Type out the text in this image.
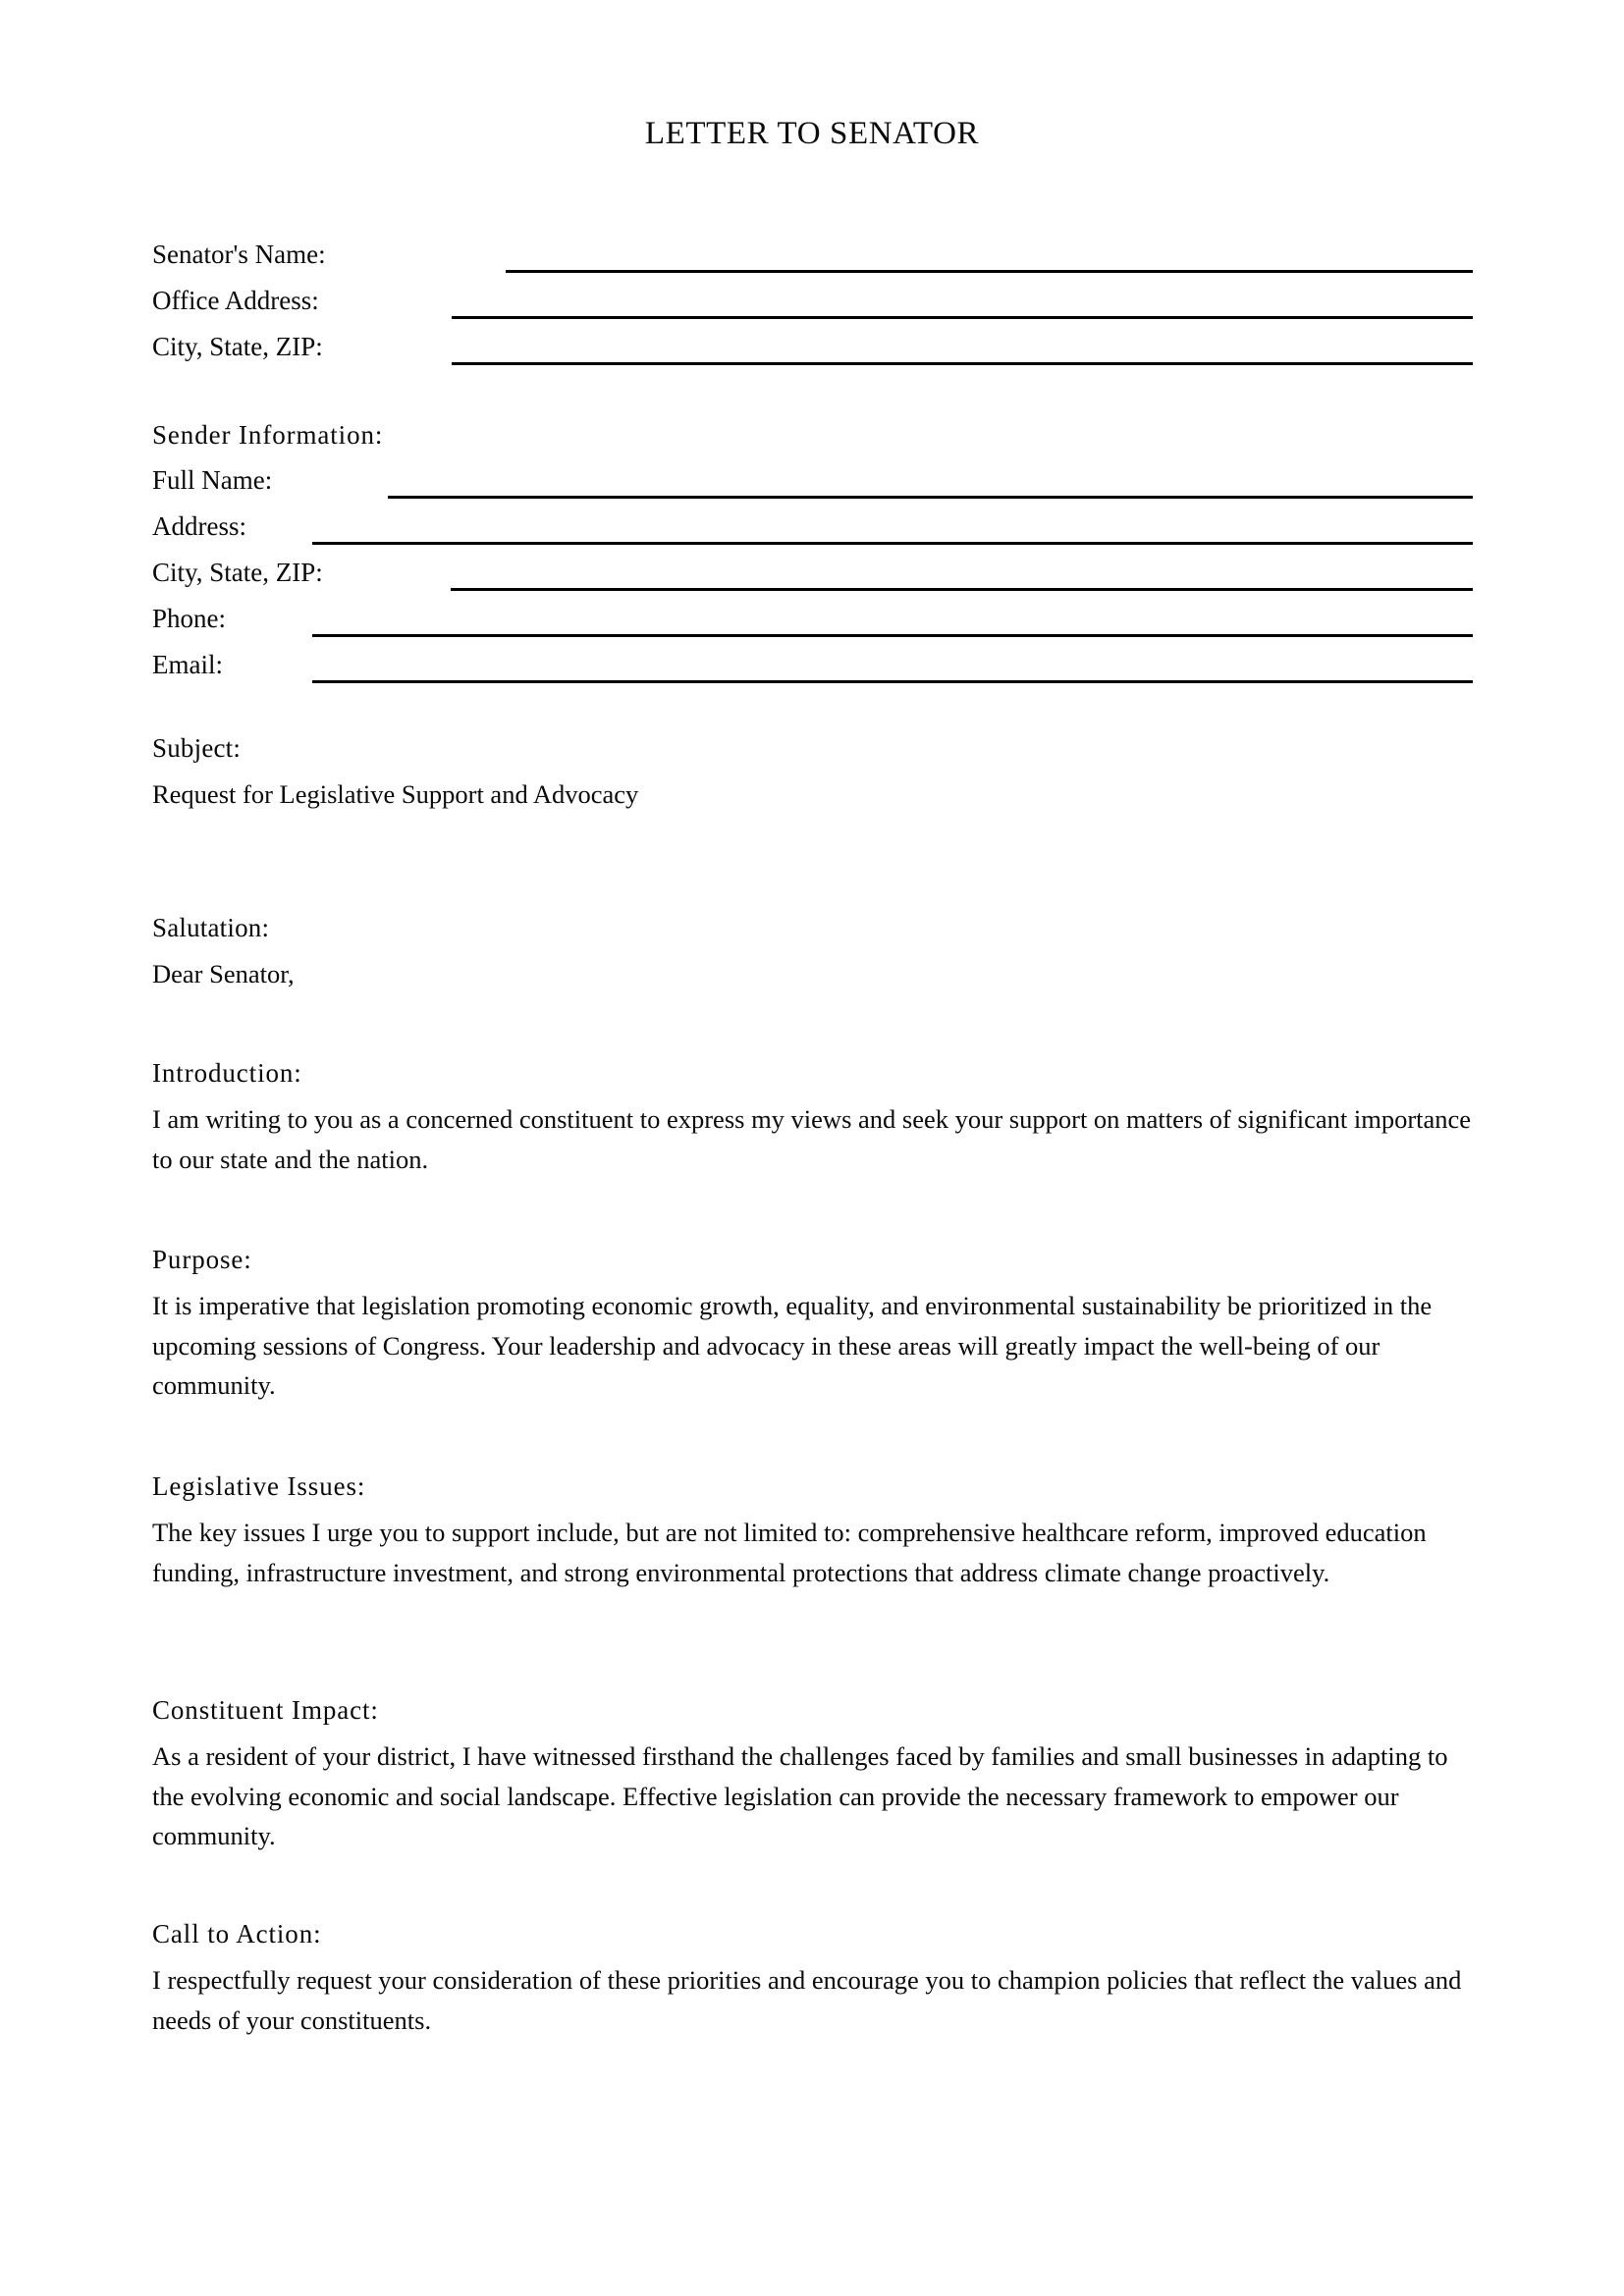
LETTER TO SENATOR
Senator's Name:
Office Address:
City, State, ZIP:
Sender Information:
Full Name:
Address:
City, State, ZIP:
Phone:
Email:
Subject:
Request for Legislative Support and Advocacy
Salutation:
Dear Senator,
Introduction:
I am writing to you as a concerned constituent to express my views and seek your support on matters of significant importance to our state and the nation.
Purpose:
It is imperative that legislation promoting economic growth, equality, and environmental sustainability be prioritized in the upcoming sessions of Congress. Your leadership and advocacy in these areas will greatly impact the well-being of our community.
Legislative Issues:
The key issues I urge you to support include, but are not limited to: comprehensive healthcare reform, improved education funding, infrastructure investment, and strong environmental protections that address climate change proactively.
Constituent Impact:
As a resident of your district, I have witnessed firsthand the challenges faced by families and small businesses in adapting to the evolving economic and social landscape. Effective legislation can provide the necessary framework to empower our community.
Call to Action:
I respectfully request your consideration of these priorities and encourage you to champion policies that reflect the values and needs of your constituents.
